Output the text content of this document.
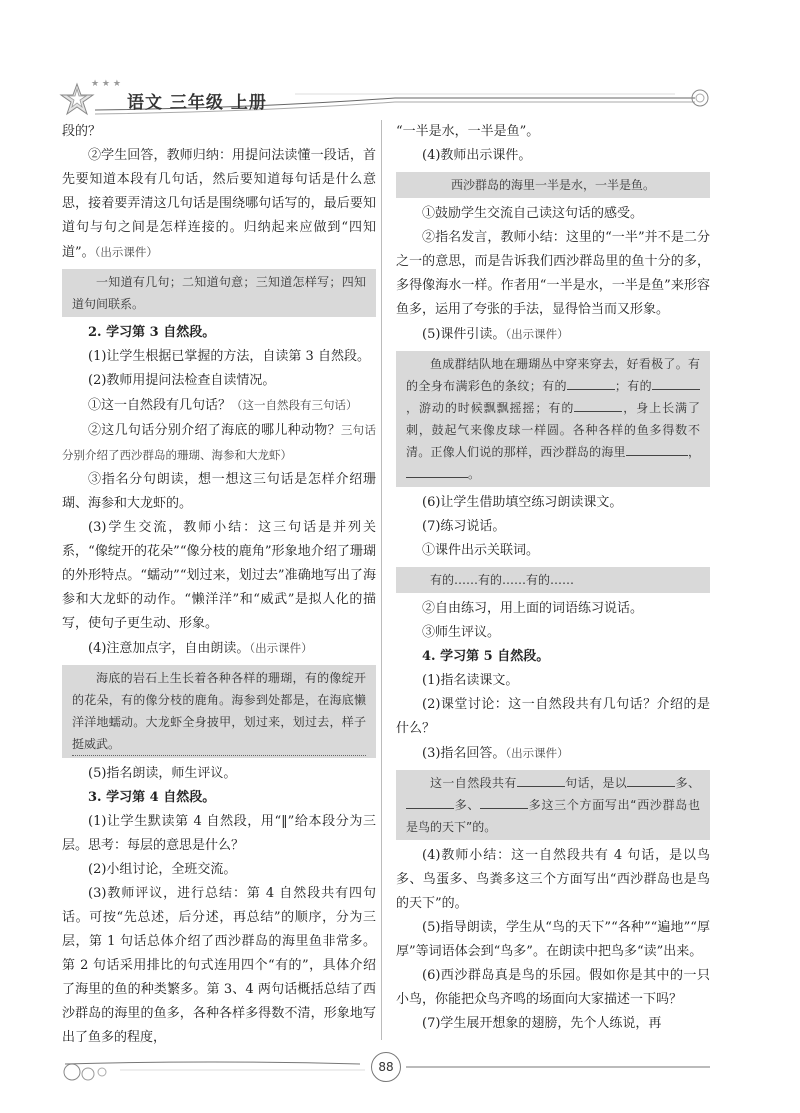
★ ★ ★
语文 三年级 上册

段的？

②学生回答，教师归纳：用提问法读懂一段话，首先要知道本段有几句话，然后要知道每句话是什么意思，接着要弄清这几句话是围绕哪句话写的，最后要知道句与句之间是怎样连接的。归纳起来应做到“四知道”。（出示课件）

一知道有几句；二知道句意；三知道怎样写；四知道句间联系。

2. 学习第 3 自然段。

(1)让学生根据已掌握的方法，自读第 3 自然段。

(2)教师用提问法检查自读情况。

①这一自然段有几句话？（这一自然段有三句话）

②这几句话分别介绍了海底的哪儿种动物？三句话分别介绍了西沙群岛的珊瑚、海参和大龙虾）

③指名分句朗读，想一想这三句话是怎样介绍珊瑚、海参和大龙虾的。

(3)学生交流，教师小结：这三句话是并列关系，“像绽开的花朵”“像分枝的鹿角”形象地介绍了珊瑚的外形特点。“蠕动”“划过来，划过去”准确地写出了海参和大龙虾的动作。“懒洋洋”和“威武”是拟人化的描写，使句子更生动、形象。

(4)注意加点字，自由朗读。（出示课件）

海底的岩石上生长着各种各样的珊瑚，有的像绽开的花朵，有的像分枝的鹿角。海参到处都是，在海底懒洋洋地蠕动。大龙虾全身披甲，划过来，划过去，样子挺威武。

(5)指名朗读，师生评议。

3. 学习第 4 自然段。

(1)让学生默读第 4 自然段，用“‖”给本段分为三层。思考：每层的意思是什么？

(2)小组讨论，全班交流。

(3)教师评议，进行总结：第 4 自然段共有四句话。可按“先总述，后分述，再总结”的顺序，分为三层，第 1 句话总体介绍了西沙群岛的海里鱼非常多。第 2 句话采用排比的句式连用四个“有的”，具体介绍了海里的鱼的种类繁多。第 3、4 两句话概括总结了西沙群岛的海里的鱼多，各种各样多得数不清，形象地写出了鱼多的程度，

“一半是水，一半是鱼”。

(4)教师出示课件。

西沙群岛的海里一半是水，一半是鱼。

①鼓励学生交流自己读这句话的感受。

②指名发言，教师小结：这里的“一半”并不是二分之一的意思，而是告诉我们西沙群岛里的鱼十分的多，多得像海水一样。作者用“一半是水，一半是鱼”来形容鱼多，运用了夸张的手法，显得恰当而又形象。

(5)课件引读。（出示课件）

鱼成群结队地在珊瑚丛中穿来穿去，好看极了。有的全身布满彩色的条纹；有的	；有的，游动的时候飘飘摇摇；有的	，身上长满了刺，鼓起气来像皮球一样圆。各种各样的鱼多得数不清。正像人们说的那样，西沙群岛的海里	，。

(6)让学生借助填空练习朗读课文。

(7)练习说话。

①课件出示关联词。

有的……有的……有的……

②自由练习，用上面的词语练习说话。

③师生评议。

4. 学习第 5 自然段。

(1)指名读课文。

(2)课堂讨论：这一自然段共有几句话？介绍的是什么？

(3)指名回答。（出示课件）

这一自然段共有	句话，是以	多、多、	多这三个方面写出“西沙群岛也是鸟的天下”的。

(4)教师小结：这一自然段共有 4 句话，是以鸟多、鸟蛋多、鸟粪多这三个方面写出“西沙群岛也是鸟的天下”的。

(5)指导朗读，学生从“鸟的天下”“各种”“遍地”“厚厚”等词语体会到“鸟多”。在朗读中把鸟多“读”出来。

(6)西沙群岛真是鸟的乐园。假如你是其中的一只小鸟，你能把众鸟齐鸣的场面向大家描述一下吗？

(7)学生展开想象的翅膀，先个人练说，再

88
